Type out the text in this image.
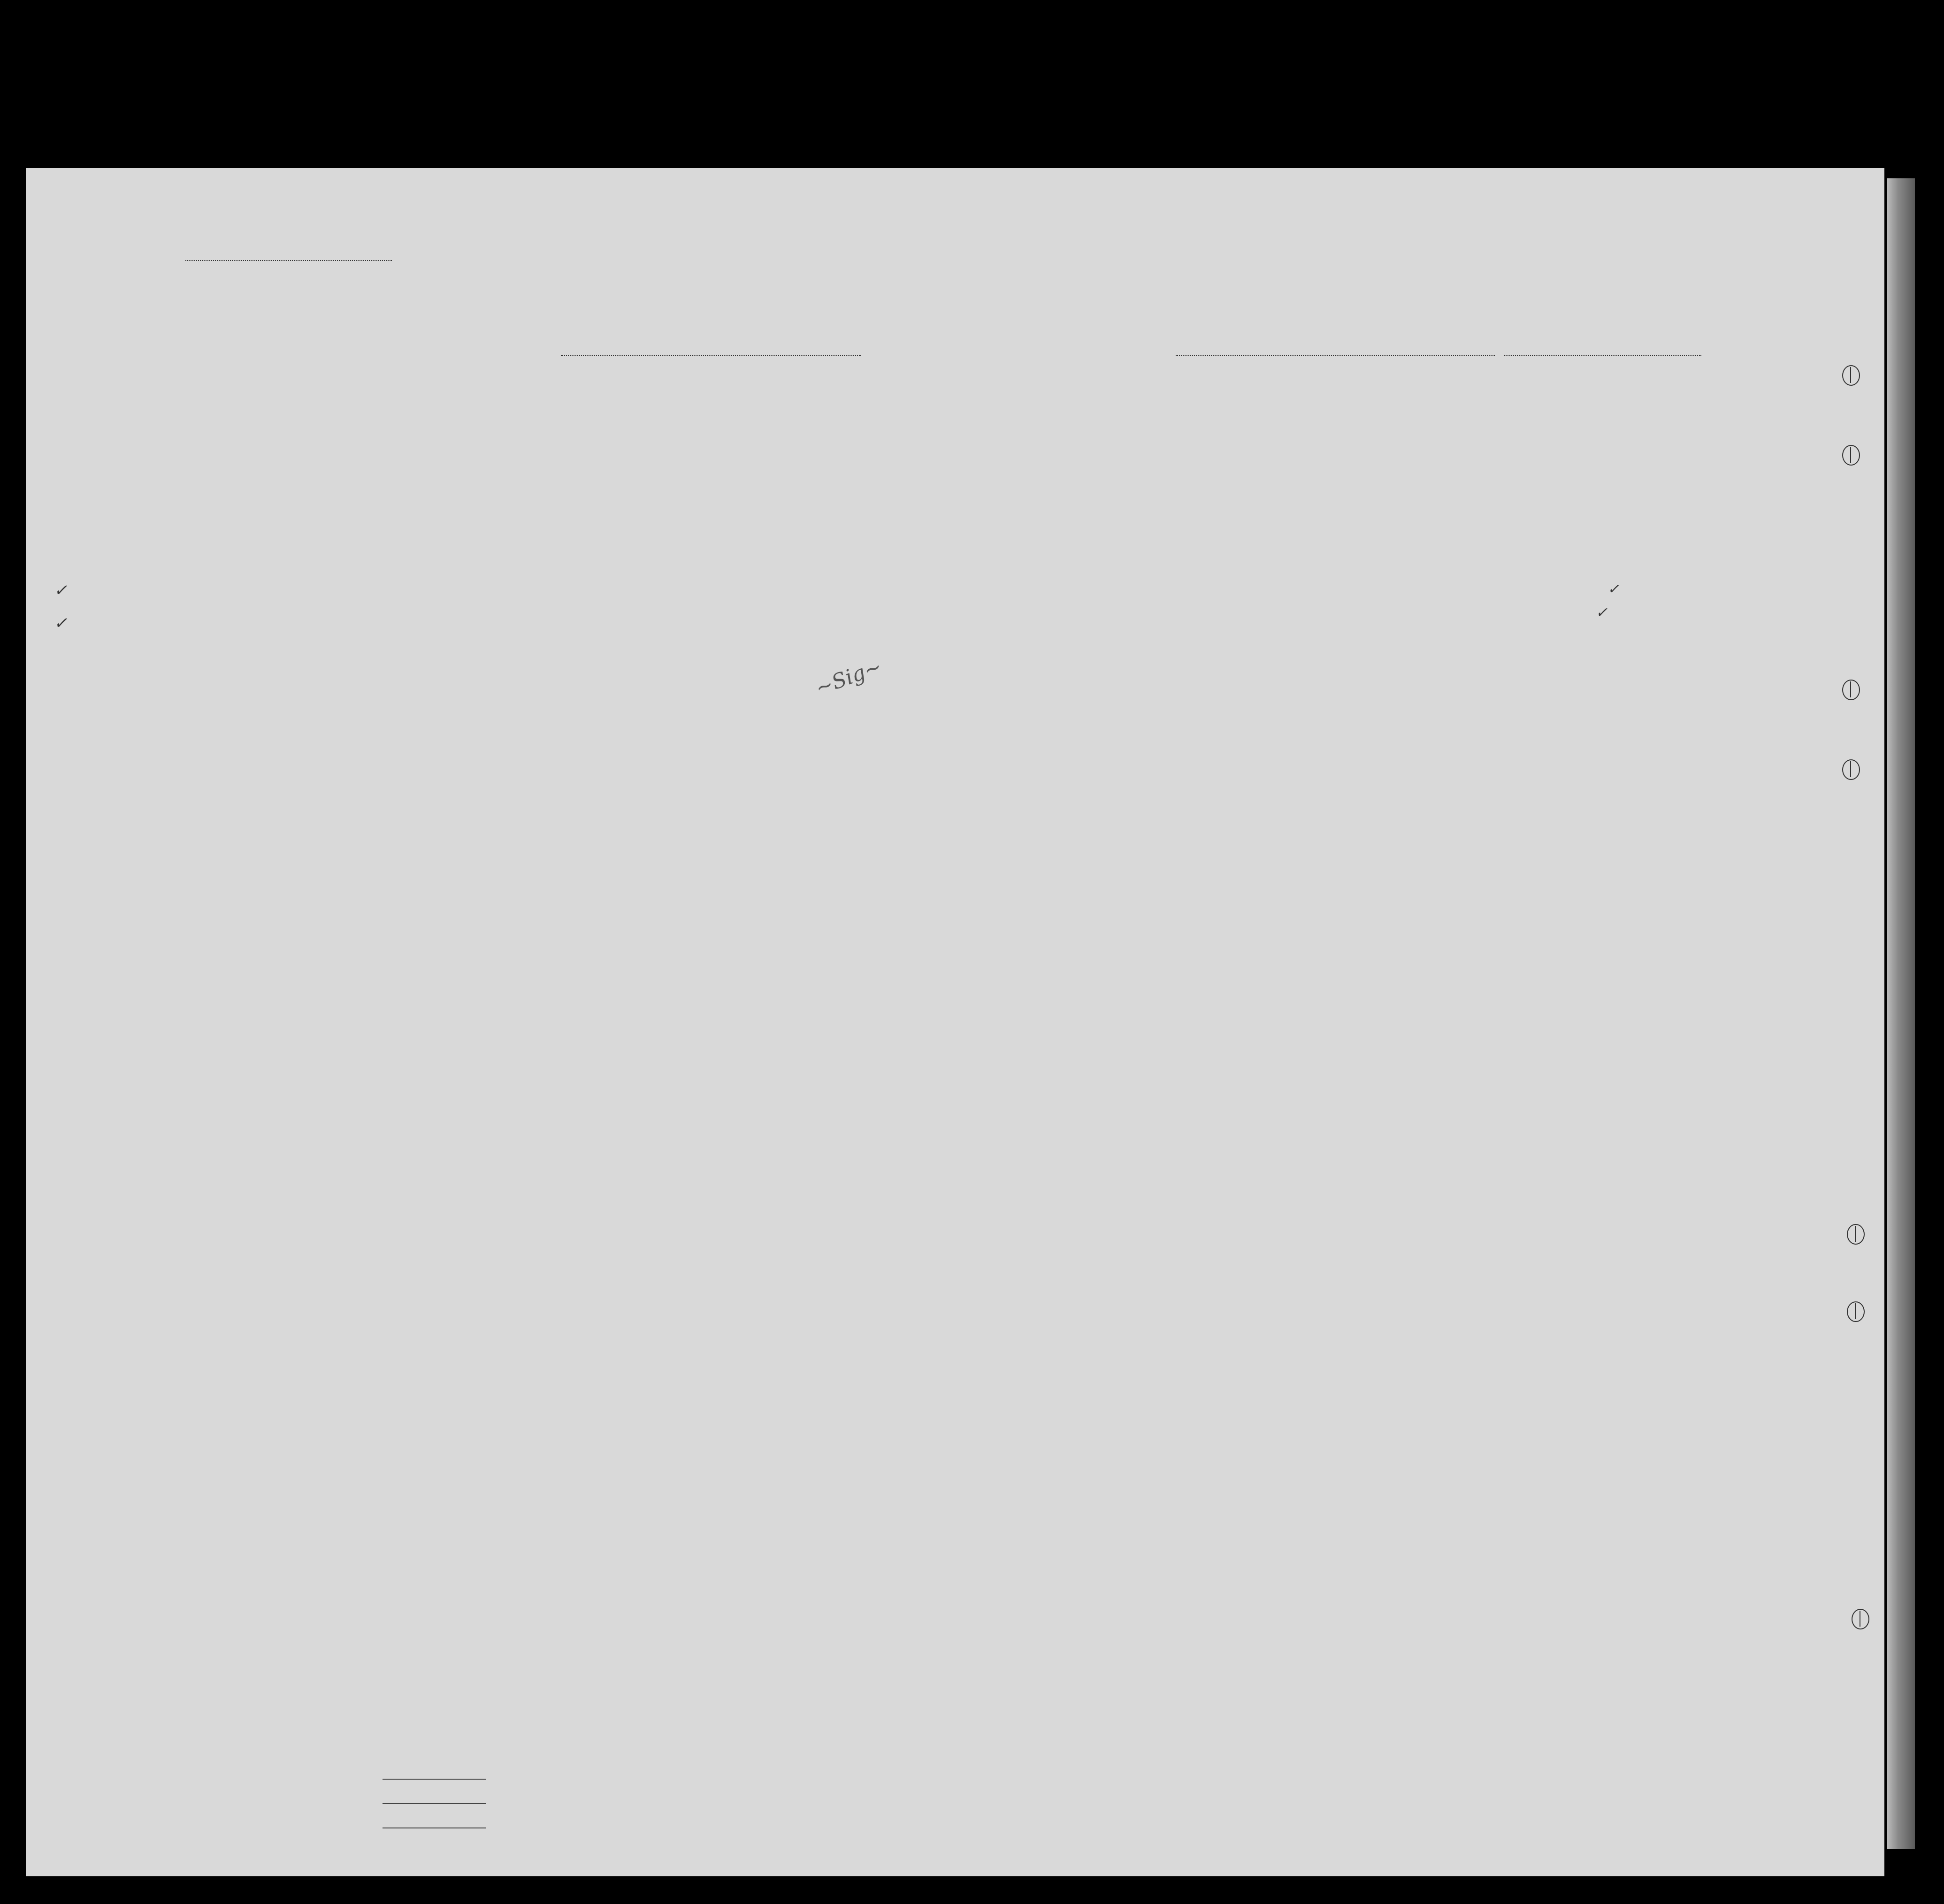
✓	✓
✓
✓
~Sig~
